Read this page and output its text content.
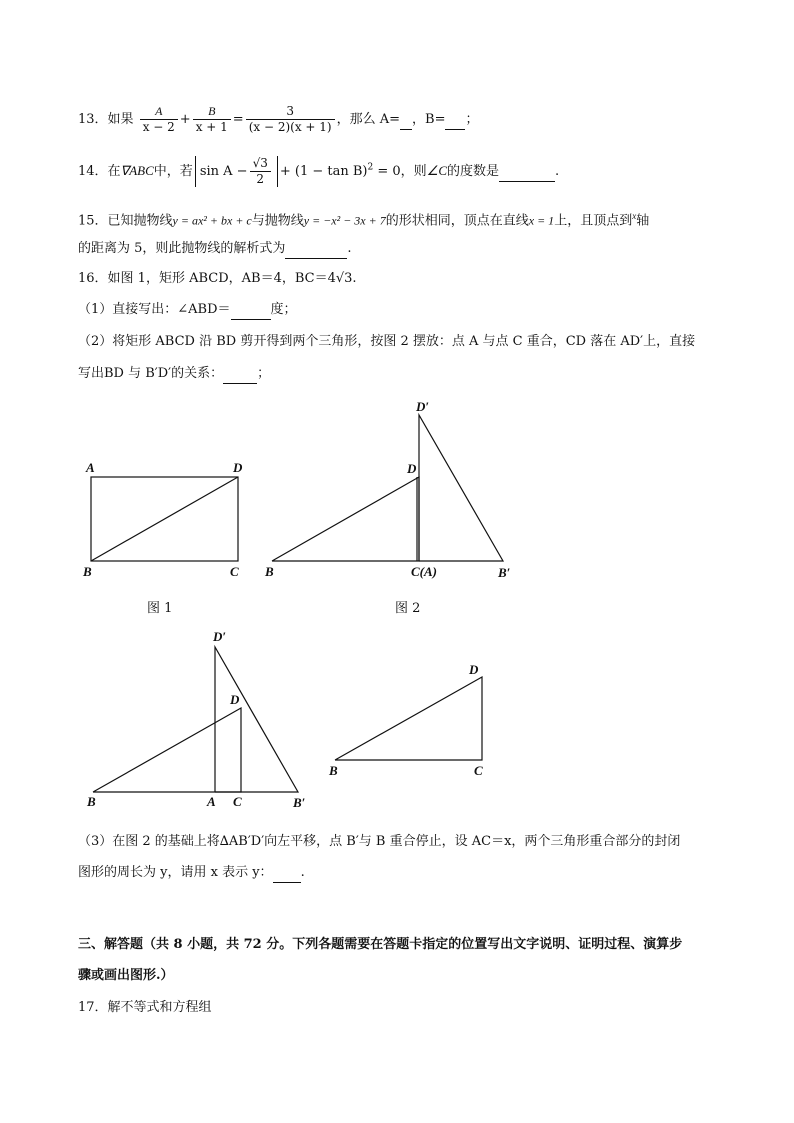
13．如果 $\frac{A}{x - 2} + \frac{B}{x + 1} = \frac{3}{(x - 2)(x + 1)}$ ，那么 A= ，B= ；
14．在∇ABC中，若 $\sin A - \frac{√3}{2} + (1 - \tan B)^2 = 0$，则∠C的度数是	.
15．已知抛物线y = ax² + bx + c与抛物线y = −x² − 3x + 7的形状相同，顶点在直线x = 1上，且顶点到$^x$轴
的距离为 5，则此抛物线的解析式为	.
16．如图 1，矩形 ABCD，AB＝4，BC＝4√3.
（1）直接写出：∠ABD＝	度；
（2）将矩形 ABCD 沿 BD 剪开得到两个三角形，按图 2 摆放：点 A 与点 C 重合，CD 落在 AD′上，直接
写出BD 与 B′D′的关系：	；
A	D
B	C
D′
D
B	C(A)	B′
D′
D
B	A C	B′
D
B	C
图 1	图 2
（3）在图 2 的基础上将∆AB′D′向左平移，点 B′与 B 重合停止，设 AC＝x，两个三角形重合部分的封闭
图形的周长为 y，请用 x 表示 y： .
三、解答题（共 8 小题，共 72 分。下列各题需要在答题卡指定的位置写出文字说明、证明过程、演算步
骤或画出图形.）
17．解不等式和方程组
